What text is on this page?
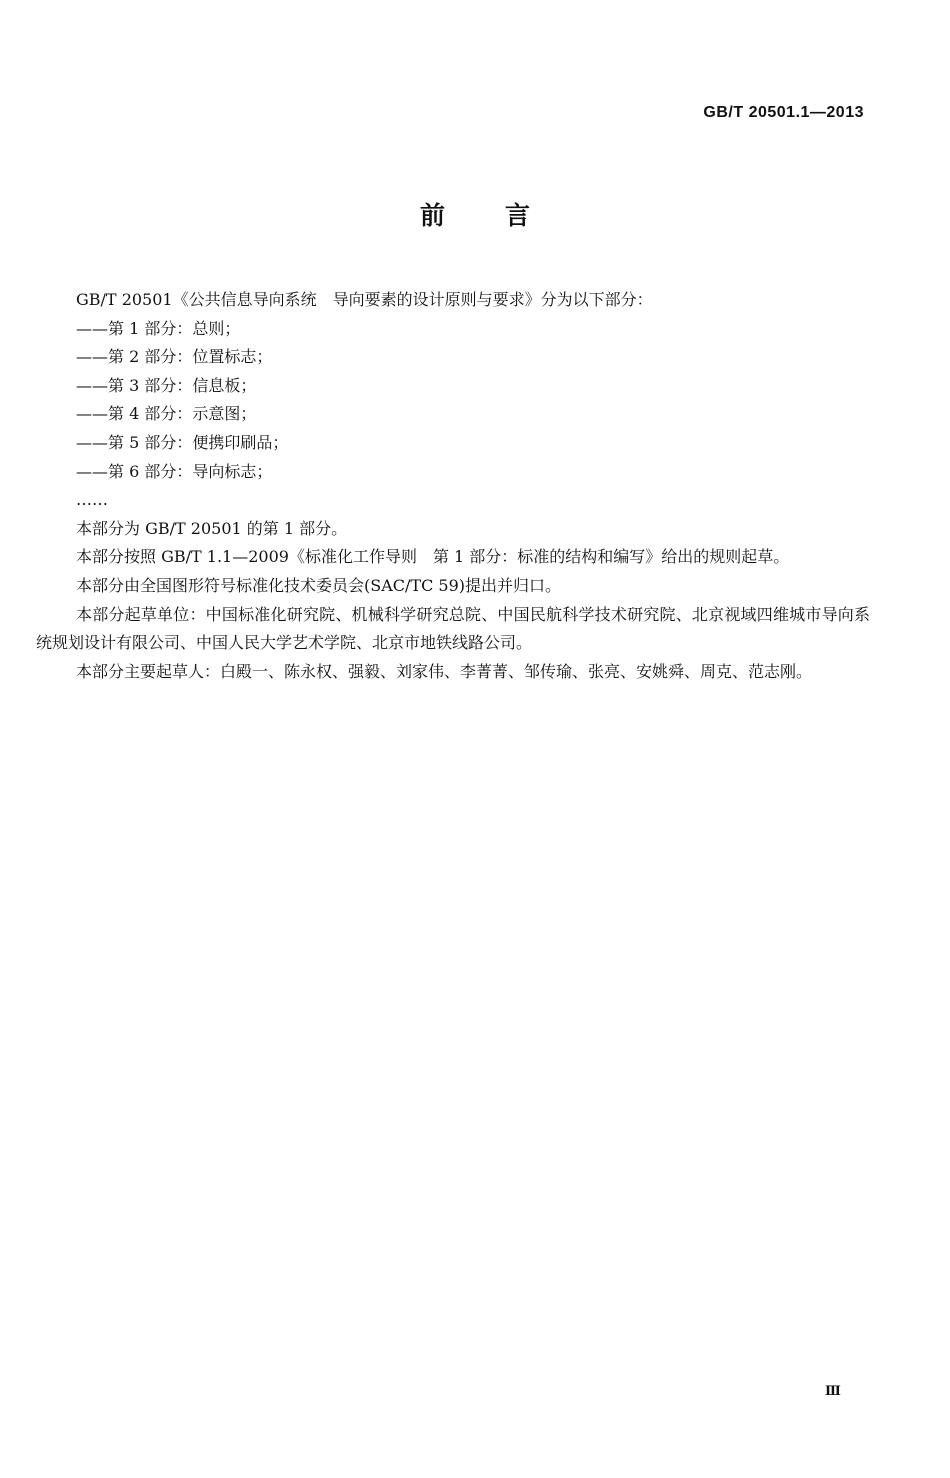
GB/T 20501.1—2013
前言

GB/T 20501《公共信息导向系统　导向要素的设计原则与要求》分为以下部分：

——第 1 部分：总则；

——第 2 部分：位置标志；

——第 3 部分：信息板；

——第 4 部分：示意图；

——第 5 部分：便携印刷品；

——第 6 部分：导向标志；

……

本部分为 GB/T 20501 的第 1 部分。

本部分按照 GB/T 1.1—2009《标准化工作导则　第 1 部分：标准的结构和编写》给出的规则起草。

本部分由全国图形符号标准化技术委员会(SAC/TC 59)提出并归口。

本部分起草单位：中国标准化研究院、机械科学研究总院、中国民航科学技术研究院、北京视域四维城市导向系统规划设计有限公司、中国人民大学艺术学院、北京市地铁线路公司。

本部分主要起草人：白殿一、陈永权、强毅、刘家伟、李菁菁、邹传瑜、张亮、安姚舜、周克、范志刚。

Ⅲ
